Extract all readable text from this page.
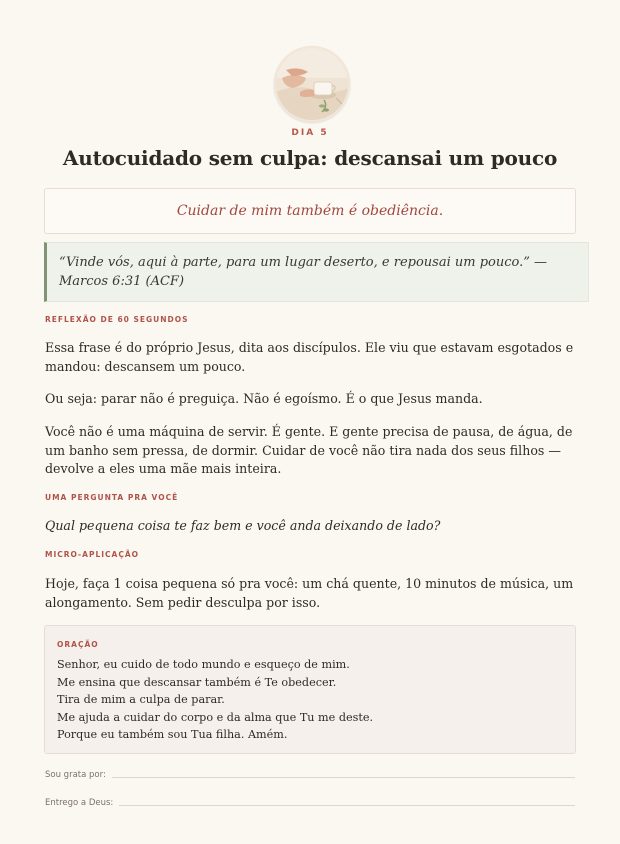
DIA 5
Autocuidado sem culpa: descansai um pouco
Cuidar de mim também é obediência.
“Vinde vós, aqui à parte, para um lugar deserto, e repousai um pouco.” — Marcos 6:31 (ACF)
REFLEXÃO DE 60 SEGUNDOS
Essa frase é do próprio Jesus, dita aos discípulos. Ele viu que estavam esgotados e mandou: descansem um pouco.
Ou seja: parar não é preguiça. Não é egoísmo. É o que Jesus manda.
Você não é uma máquina de servir. É gente. E gente precisa de pausa, de água, de um banho sem pressa, de dormir. Cuidar de você não tira nada dos seus filhos — devolve a eles uma mãe mais inteira.
UMA PERGUNTA PRA VOCÊ
Qual pequena coisa te faz bem e você anda deixando de lado?
MICRO-APLICAÇÃO
Hoje, faça 1 coisa pequena só pra você: um chá quente, 10 minutos de música, um alongamento. Sem pedir desculpa por isso.
ORAÇÃO
Senhor, eu cuido de todo mundo e esqueço de mim.
Me ensina que descansar também é Te obedecer.
Tira de mim a culpa de parar.
Me ajuda a cuidar do corpo e da alma que Tu me deste.
Porque eu também sou Tua filha. Amém.
Sou grata por:
Entrego a Deus:
